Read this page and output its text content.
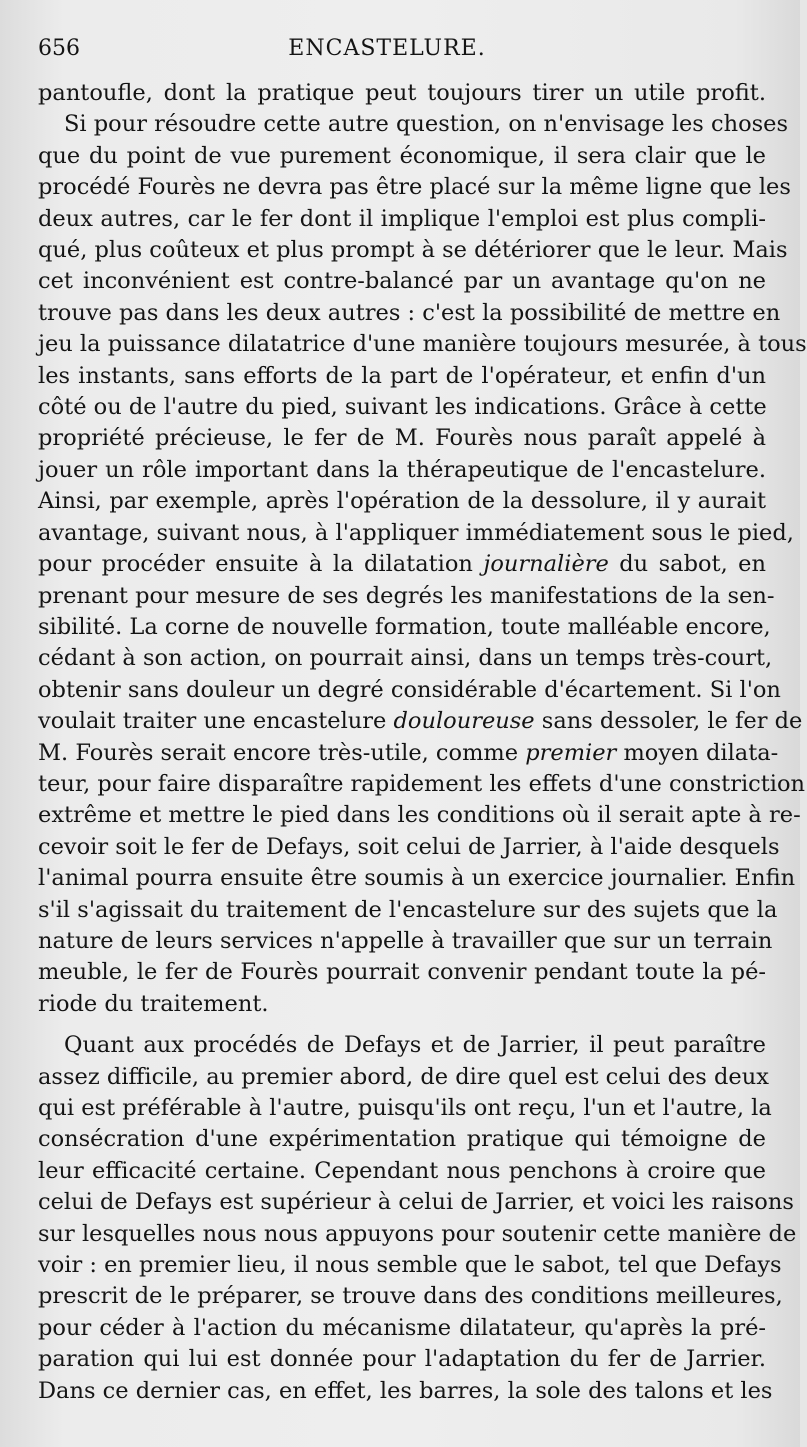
656	ENCASTELURE.
pantoufle, dont la pratique peut toujours tirer un utile profit.
Si pour résoudre cette autre question, on n'envisage les choses
que du point de vue purement économique, il sera clair que le
procédé Fourès ne devra pas être placé sur la même ligne que les
deux autres, car le fer dont il implique l'emploi est plus compli-
qué, plus coûteux et plus prompt à se détériorer que le leur. Mais
cet inconvénient est contre-balancé par un avantage qu'on ne
trouve pas dans les deux autres : c'est la possibilité de mettre en
jeu la puissance dilatatrice d'une manière toujours mesurée, à tous
les instants, sans efforts de la part de l'opérateur, et enfin d'un
côté ou de l'autre du pied, suivant les indications. Grâce à cette
propriété précieuse, le fer de M. Fourès nous paraît appelé à
jouer un rôle important dans la thérapeutique de l'encastelure.
Ainsi, par exemple, après l'opération de la dessolure, il y aurait
avantage, suivant nous, à l'appliquer immédiatement sous le pied,
pour procéder ensuite à la dilatation journalière du sabot, en
prenant pour mesure de ses degrés les manifestations de la sen-
sibilité. La corne de nouvelle formation, toute malléable encore,
cédant à son action, on pourrait ainsi, dans un temps très-court,
obtenir sans douleur un degré considérable d'écartement. Si l'on
voulait traiter une encastelure douloureuse sans dessoler, le fer de
M. Fourès serait encore très-utile, comme premier moyen dilata-
teur, pour faire disparaître rapidement les effets d'une constriction
extrême et mettre le pied dans les conditions où il serait apte à re-
cevoir soit le fer de Defays, soit celui de Jarrier, à l'aide desquels
l'animal pourra ensuite être soumis à un exercice journalier. Enfin
s'il s'agissait du traitement de l'encastelure sur des sujets que la
nature de leurs services n'appelle à travailler que sur un terrain
meuble, le fer de Fourès pourrait convenir pendant toute la pé-
riode du traitement.
Quant aux procédés de Defays et de Jarrier, il peut paraître
assez difficile, au premier abord, de dire quel est celui des deux
qui est préférable à l'autre, puisqu'ils ont reçu, l'un et l'autre, la
consécration d'une expérimentation pratique qui témoigne de
leur efficacité certaine. Cependant nous penchons à croire que
celui de Defays est supérieur à celui de Jarrier, et voici les raisons
sur lesquelles nous nous appuyons pour soutenir cette manière de
voir : en premier lieu, il nous semble que le sabot, tel que Defays
prescrit de le préparer, se trouve dans des conditions meilleures,
pour céder à l'action du mécanisme dilatateur, qu'après la pré-
paration qui lui est donnée pour l'adaptation du fer de Jarrier.
Dans ce dernier cas, en effet, les barres, la sole des talons et les
